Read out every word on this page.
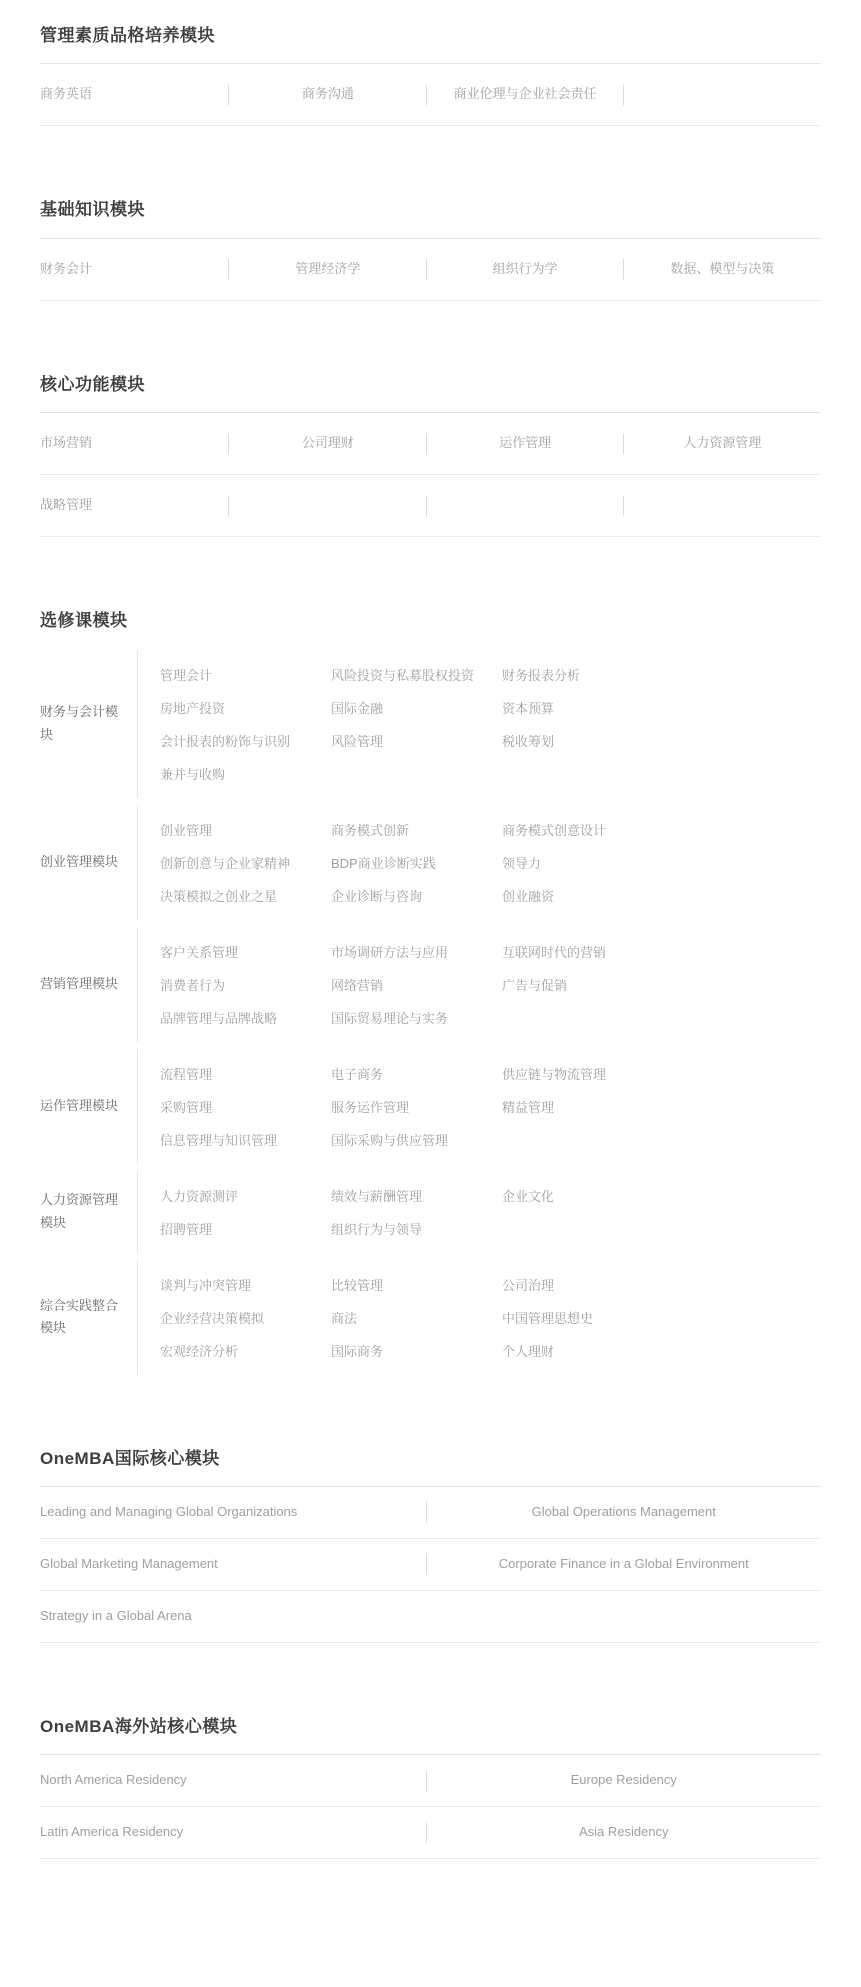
管理素质品格培养模块
商务英语	商务沟通	商业伦理与企业社会责任
基础知识模块
财务会计	管理经济学	组织行为学	数据、模型与决策
核心功能模块
市场营销	公司理财	运作管理	人力资源管理
战略管理
选修课模块
财务与会计模块
管理会计	风险投资与私募股权投资	财务报表分析
房地产投资	国际金融	资本预算
会计报表的粉饰与识别	风险管理	税收筹划
兼并与收购
创业管理模块
创业管理	商务模式创新	商务模式创意设计
创新创意与企业家精神	BDP商业诊断实践	领导力
决策模拟之创业之星	企业诊断与咨询	创业融资
营销管理模块
客户关系管理	市场调研方法与应用	互联网时代的营销
消费者行为	网络营销	广告与促销
品牌管理与品牌战略	国际贸易理论与实务
运作管理模块
流程管理	电子商务	供应链与物流管理
采购管理	服务运作管理	精益管理
信息管理与知识管理	国际采购与供应管理
人力资源管理模块
人力资源测评	绩效与薪酬管理	企业文化
招聘管理	组织行为与领导
综合实践整合模块
谈判与冲突管理	比较管理	公司治理
企业经营决策模拟	商法	中国管理思想史
宏观经济分析	国际商务	个人理财
OneMBA国际核心模块
Leading and Managing Global Organizations	Global Operations Management
Global Marketing Management	Corporate Finance in a Global Environment
Strategy in a Global Arena
OneMBA海外站核心模块
North America Residency	Europe Residency
Latin America Residency	Asia Residency
